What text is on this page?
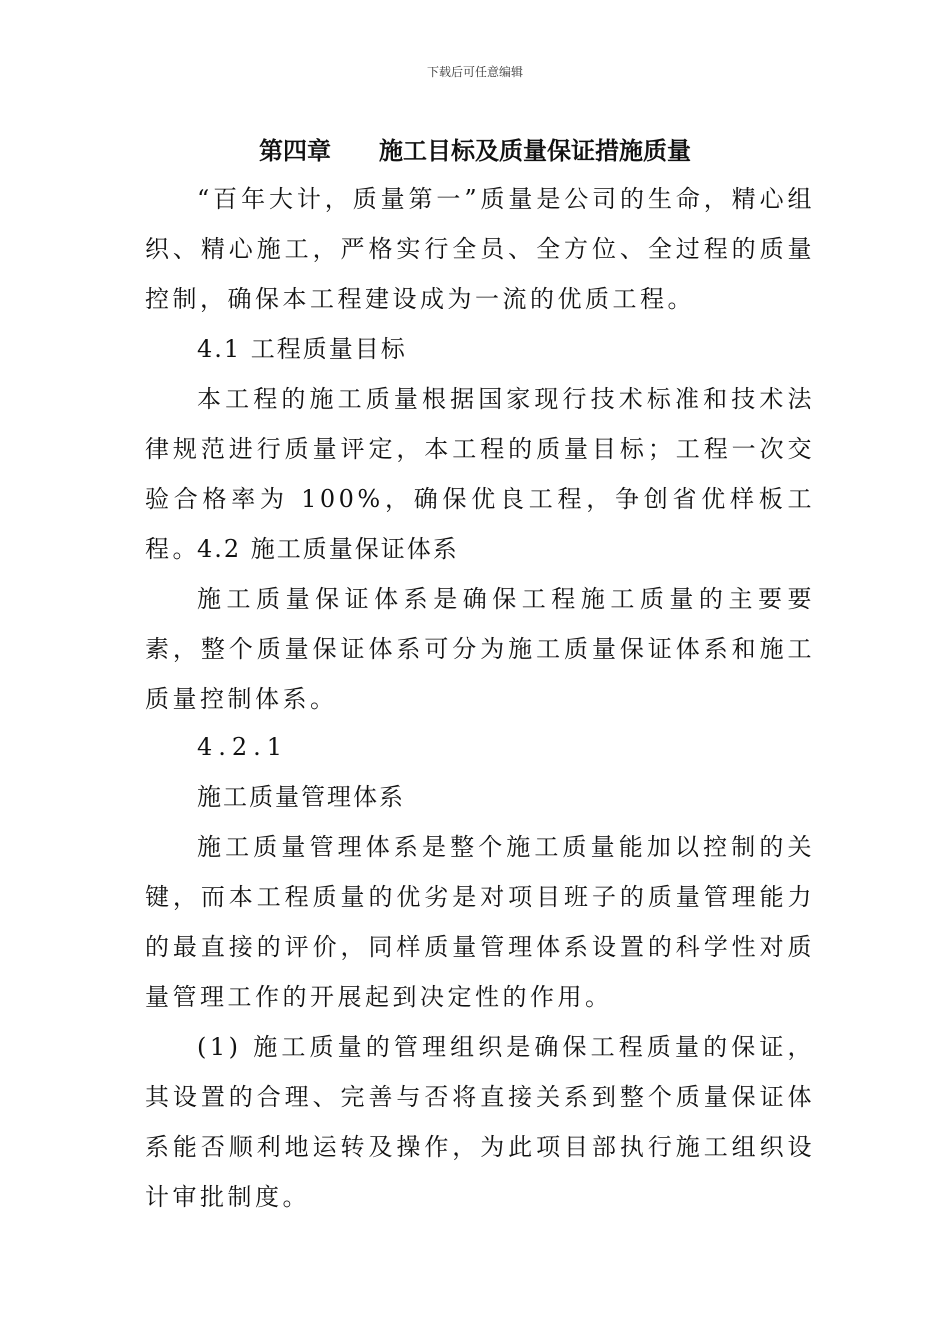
下载后可任意编辑
第四章　　施工目标及质量保证措施质量
“百年大计，质量第一”质量是公司的生命，精心组织、精心施工，严格实行全员、全方位、全过程的质量控制，确保本工程建设成为一流的优质工程。
4.1 工程质量目标
本工程的施工质量根据国家现行技术标准和技术法律规范进行质量评定，本工程的质量目标；工程一次交验合格率为 100%，确保优良工程，争创省优样板工程。
4.2 施工质量保证体系
施工质量保证体系是确保工程施工质量的主要要素，整个质量保证体系可分为施工质量保证体系和施工质量控制体系。
4.2.1
施工质量管理体系
施工质量管理体系是整个施工质量能加以控制的关键，而本工程质量的优劣是对项目班子的质量管理能力的最直接的评价，同样质量管理体系设置的科学性对质量管理工作的开展起到决定性的作用。
(1) 施工质量的管理组织是确保工程质量的保证，其设置的合理、完善与否将直接关系到整个质量保证体系能否顺利地运转及操作，为此项目部执行施工组织设计审批制度。
